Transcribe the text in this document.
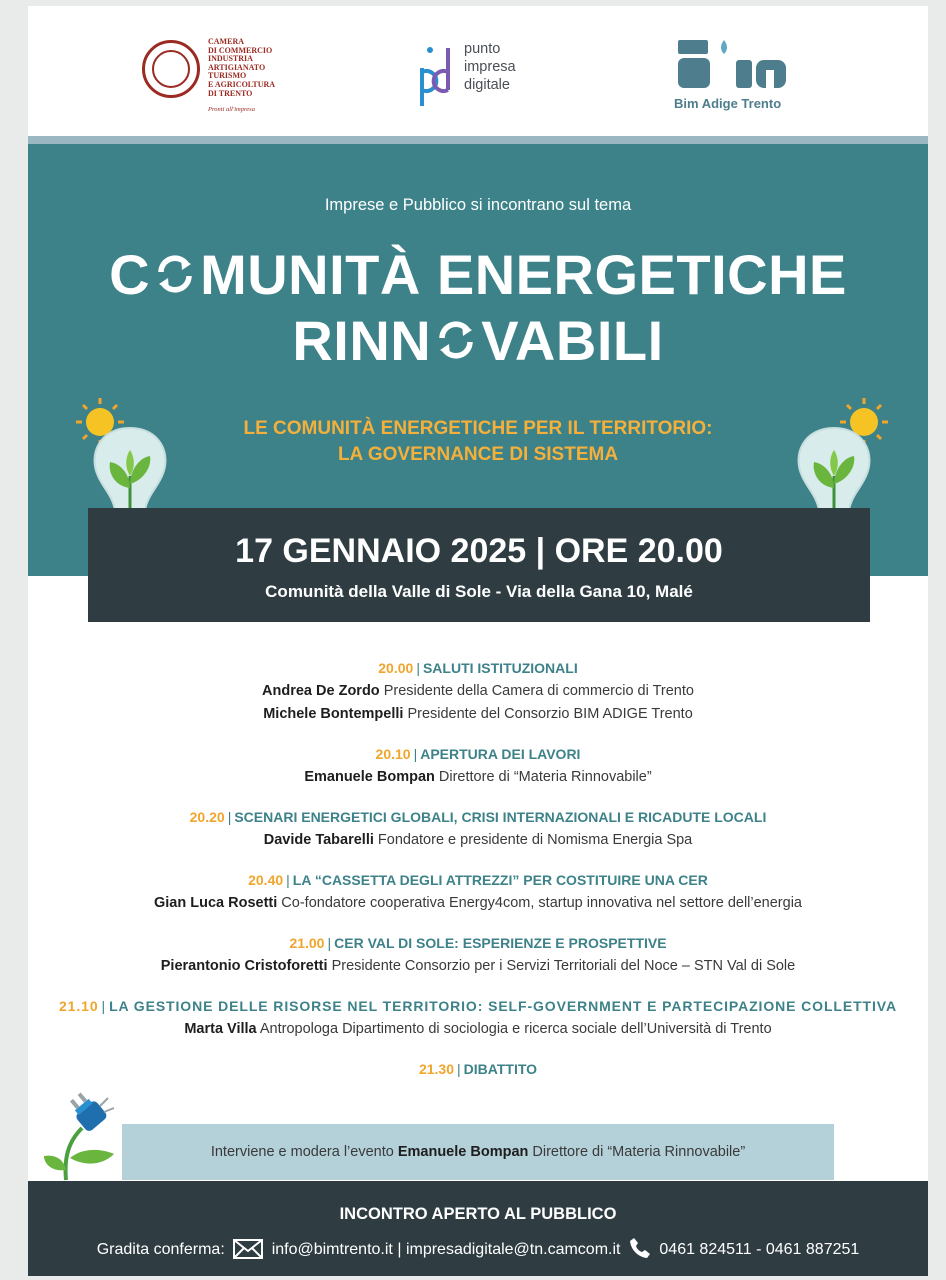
CAMERA
DI COMMERCIO
INDUSTRIA
ARTIGIANATO
TURISMO
E AGRICOLTURA
DI TRENTO
Pronti all'impresa
punto
impresa
digitale
Bim Adige Trento
Imprese e Pubblico si incontrano sul tema
C MUNITÀ ENERGETICHE
RINN VABILI
LE COMUNITÀ ENERGETICHE PER IL TERRITORIO:
LA GOVERNANCE DI SISTEMA
17 GENNAIO 2025 | ORE 20.00
Comunità della Valle di Sole - Via della Gana 10, Malé
20.00 | SALUTI ISTITUZIONALI
Andrea De Zordo Presidente della Camera di commercio di Trento
Michele Bontempelli Presidente del Consorzio BIM ADIGE Trento
20.10 | APERTURA DEI LAVORI
Emanuele Bompan Direttore di “Materia Rinnovabile”
20.20 | SCENARI ENERGETICI GLOBALI, CRISI INTERNAZIONALI E RICADUTE LOCALI
Davide Tabarelli Fondatore e presidente di Nomisma Energia Spa
20.40 | LA “CASSETTA DEGLI ATTREZZI” PER COSTITUIRE UNA CER
Gian Luca Rosetti Co-fondatore cooperativa Energy4com, startup innovativa nel settore dell’energia
21.00 | CER VAL DI SOLE: ESPERIENZE E PROSPETTIVE
Pierantonio Cristoforetti Presidente Consorzio per i Servizi Territoriali del Noce – STN Val di Sole
21.10 | LA GESTIONE DELLE RISORSE NEL TERRITORIO: SELF-GOVERNMENT E PARTECIPAZIONE COLLETTIVA
Marta Villa Antropologa Dipartimento di sociologia e ricerca sociale dell’Università di Trento
21.30 | DIBATTITO
Interviene e modera l’evento Emanuele Bompan Direttore di “Materia Rinnovabile”
INCONTRO APERTO AL PUBBLICO
Gradita conferma:	info@bimtrento.it | impresadigitale@tn.camcom.it 0461 824511 - 0461 887251
